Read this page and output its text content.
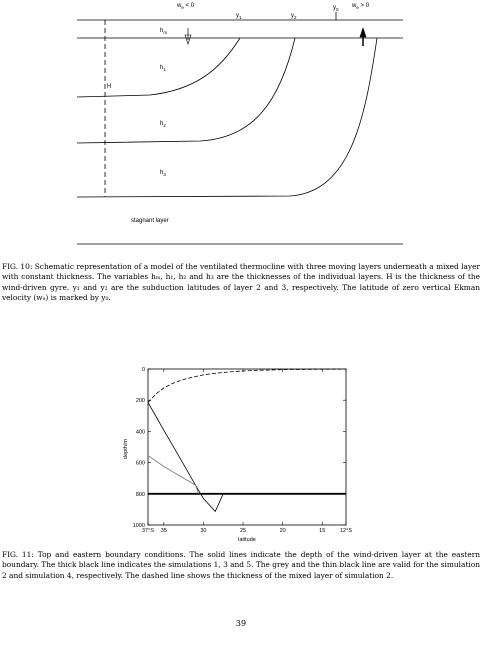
$w_e < 0$
$y_1$	$y_2$
$y_0$
$w_e > 0$
$h_m$
$h_1$
$h_2$
$h_3$
H
stagnant layer
FIG. 10: Schematic representation of a model of the ventilated thermocline with three moving layers underneath a mixed layer with constant thickness. The variables hₘ, h₁, h₂ and h₃ are the thicknesses of the individual layers. H is the thickness of the wind-driven gyre. y₁ and y₂ are the subduction latitudes of layer 2 and 3, respectively. The latitude of zero vertical Ekman velocity (wₑ) is marked by y₀.
37°S 35	30	25	20	15	12°S
0
200
400
600
800
1000
depth/m
latitude
FIG. 11: Top and eastern boundary conditions. The solid lines indicate the depth of the wind-driven layer at the eastern boundary. The thick black line indicates the simulations 1, 3 and 5. The grey and the thin black line are valid for the simulation 2 and simulation 4, respectively. The dashed line shows the thickness of the mixed layer of simulation 2.
39
